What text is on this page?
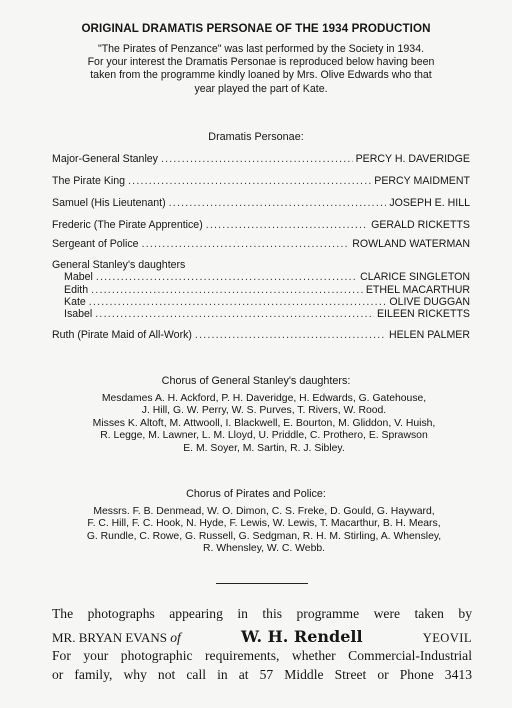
ORIGINAL DRAMATIS PERSONAE OF THE 1934 PRODUCTION
"The Pirates of Penzance" was last performed by the Society in 1934.
For your interest the Dramatis Personae is reproduced below having been
taken from the programme kindly loaned by Mrs. Olive Edwards who that
year played the part of Kate.
Dramatis Personae:
Major-General Stanley .....	PERCY H. DAVERIDGE
The Pirate King .....	PERCY MAIDMENT
Samuel (His Lieutenant) .....	JOSEPH E. HILL
Frederic (The Pirate Apprentice) .....	GERALD RICKETTS
Sergeant of Police .....	ROWLAND WATERMAN
General Stanley's daughters
Mabel .....	CLARICE SINGLETON
Edith .....	ETHEL MACARTHUR
Kate .....	OLIVE DUGGAN
Isabel .....	EILEEN RICKETTS
Ruth (Pirate Maid of All-Work) .....	HELEN PALMER
Chorus of General Stanley's daughters:
Mesdames A. H. Ackford, P. H. Daveridge, H. Edwards, G. Gatehouse,
J. Hill, G. W. Perry, W. S. Purves, T. Rivers, W. Rood.
Misses K. Altoft, M. Attwooll, I. Blackwell, E. Bourton, M. Gliddon, V. Huish,
R. Legge, M. Lawner, L. M. Lloyd, U. Priddle, C. Prothero, E. Sprawson
E. M. Soyer, M. Sartin, R. J. Sibley.
Chorus of Pirates and Police:
Messrs. F. B. Denmead, W. O. Dimon, C. S. Freke, D. Gould, G. Hayward,
F. C. Hill, F. C. Hook, N. Hyde, F. Lewis, W. Lewis, T. Macarthur, B. H. Mears,
G. Rundle, C. Rowe, G. Russell, G. Sedgman, R. H. M. Stirling, A. Whensley,
R. Whensley, W. C. Webb.
The photographs appearing in this programme were taken by
MR. BRYAN EVANS of	W. H. Rendell	YEOVIL
For your photographic requirements, whether Commercial-Industrial
or family, why not call in at 57 Middle Street or Phone 3413
